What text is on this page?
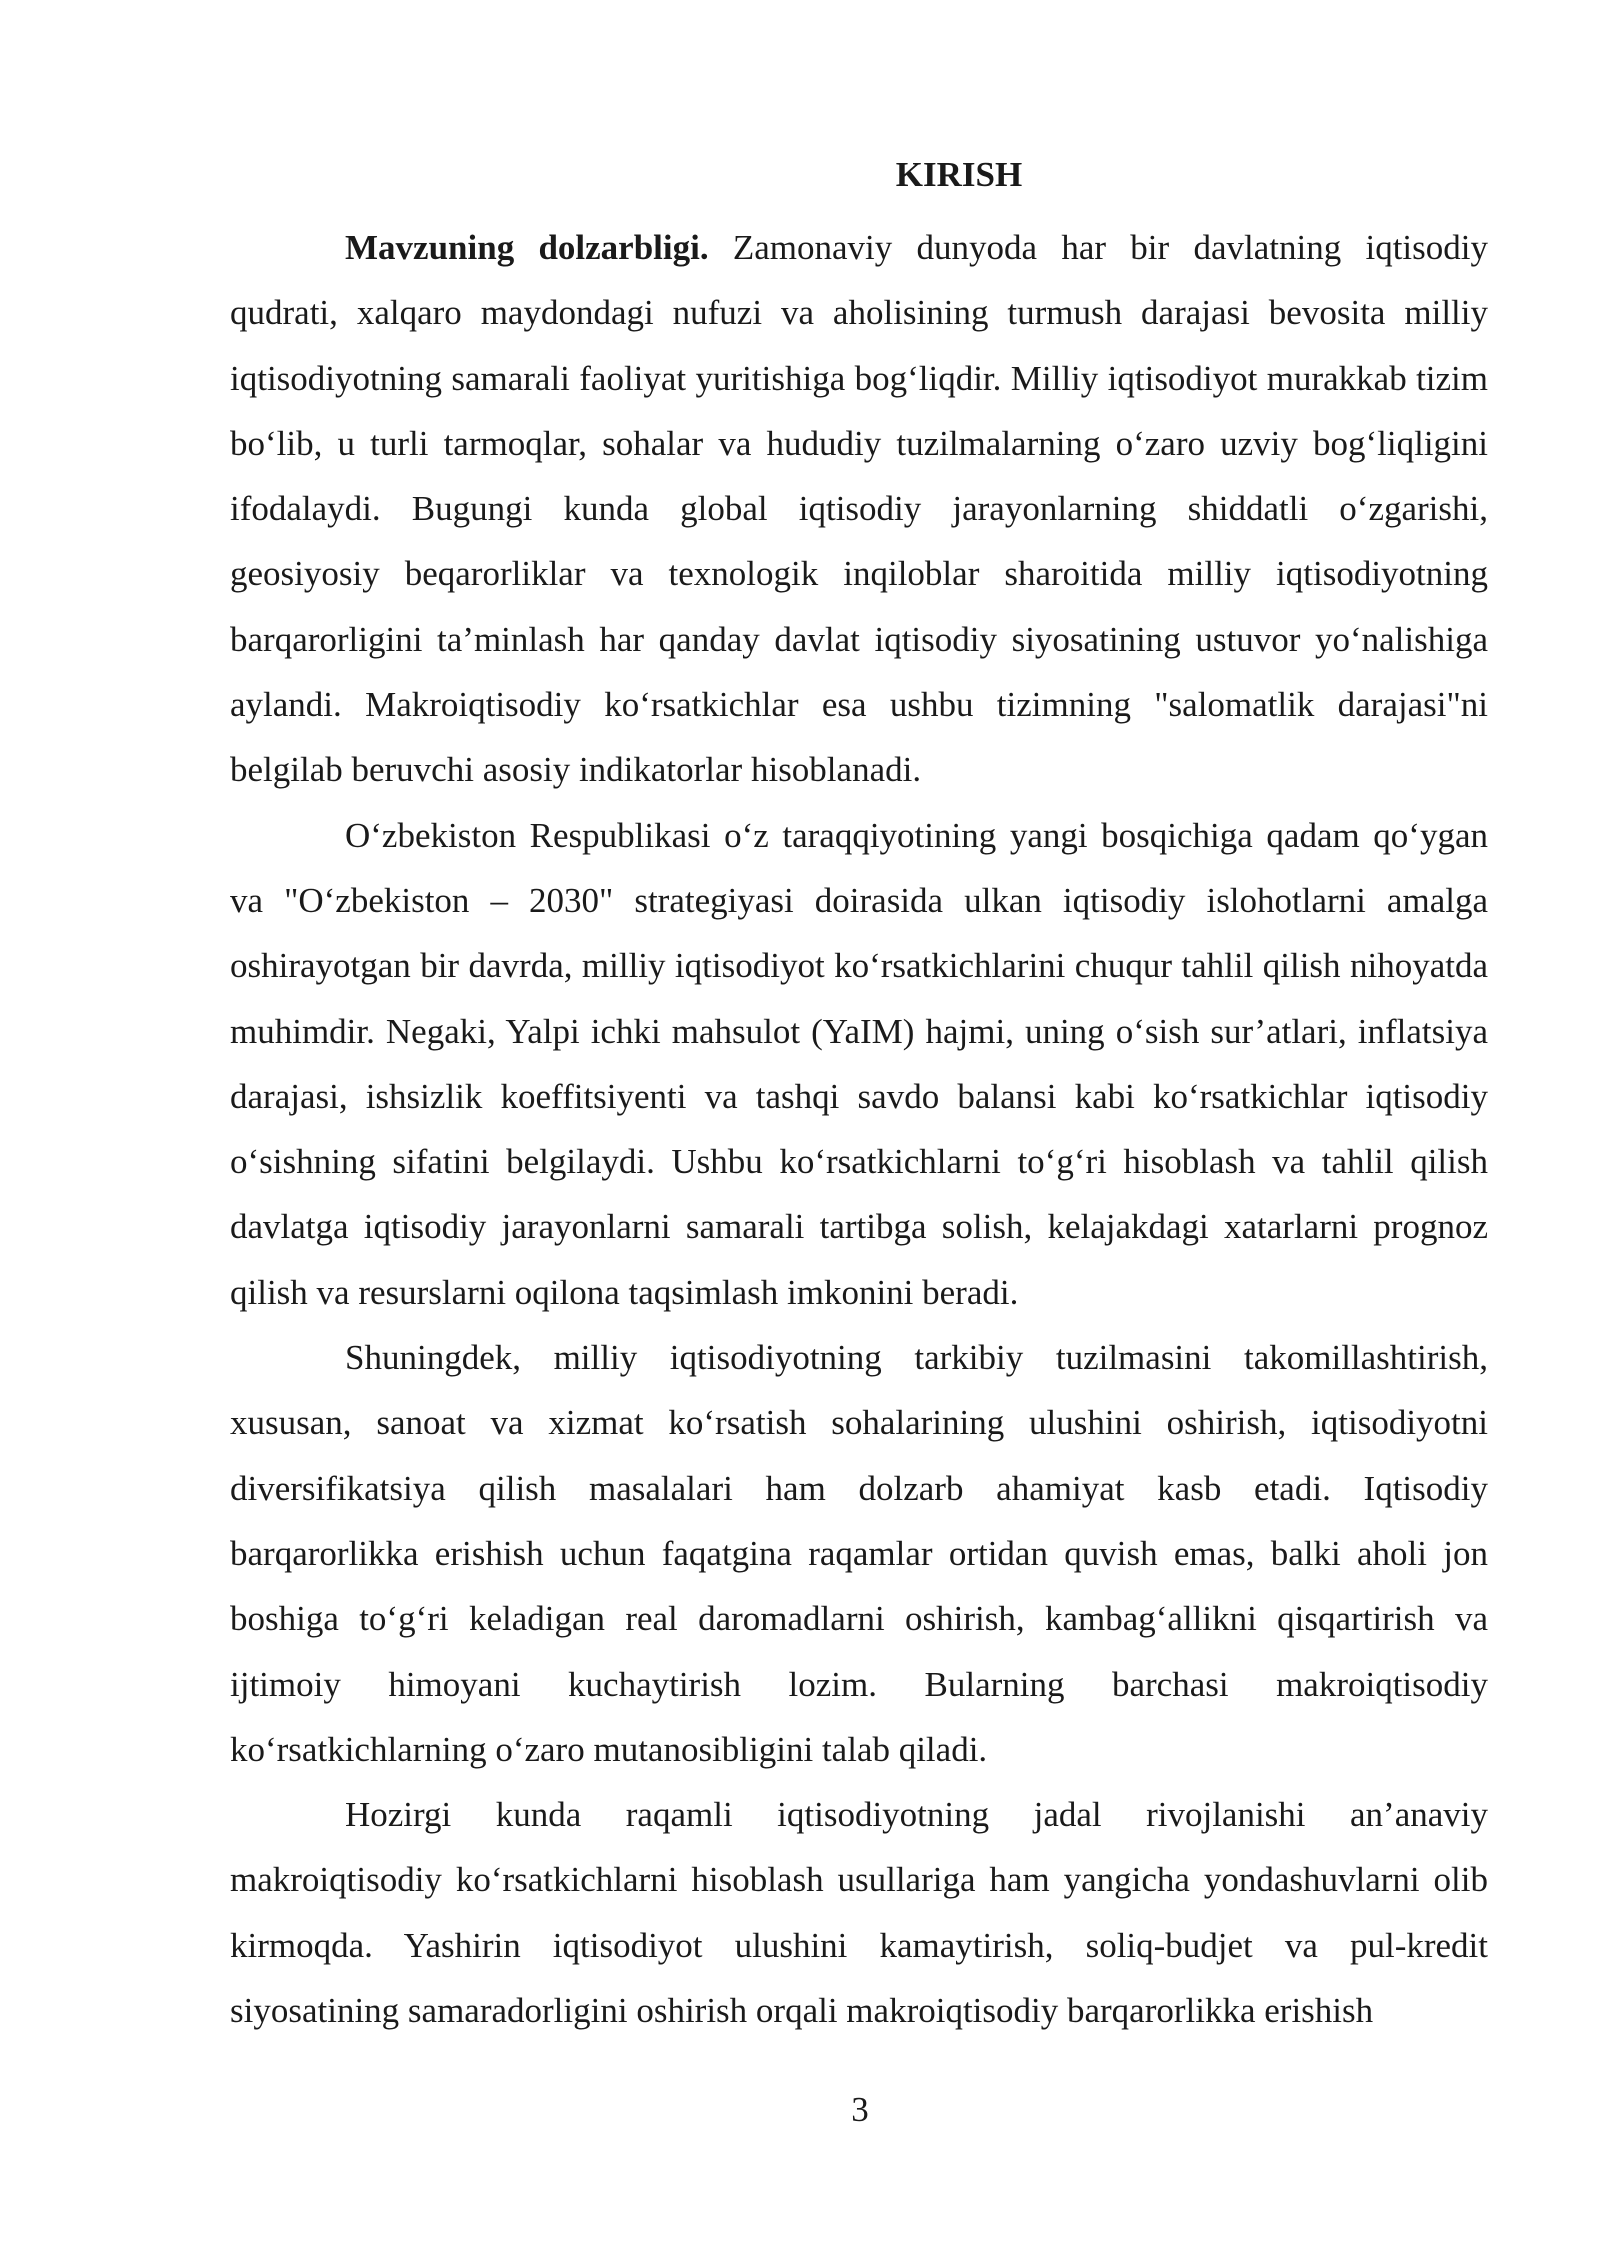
KIRISH

Mavzuning dolzarbligi. Zamonaviy dunyoda har bir davlatning iqtisodiy qudrati, xalqaro maydondagi nufuzi va aholisining turmush darajasi bevosita milliy iqtisodiyotning samarali faoliyat yuritishiga bog‘liqdir. Milliy iqtisodiyot murakkab tizim bo‘lib, u turli tarmoqlar, sohalar va hududiy tuzilmalarning o‘zaro uzviy bog‘liqligini ifodalaydi. Bugungi kunda global iqtisodiy jarayonlarning shiddatli o‘zgarishi, geosiyosiy beqarorliklar va texnologik inqiloblar sharoitida milliy iqtisodiyotning barqarorligini ta’minlash har qanday davlat iqtisodiy siyosatining ustuvor yo‘nalishiga aylandi. Makroiqtisodiy ko‘rsatkichlar esa ushbu tizimning "salomatlik darajasi"ni belgilab beruvchi asosiy indikatorlar hisoblanadi.

O‘zbekiston Respublikasi o‘z taraqqiyotining yangi bosqichiga qadam qo‘ygan va "O‘zbekiston – 2030" strategiyasi doirasida ulkan iqtisodiy islohotlarni amalga oshirayotgan bir davrda, milliy iqtisodiyot ko‘rsatkichlarini chuqur tahlil qilish nihoyatda muhimdir. Negaki, Yalpi ichki mahsulot (YaIM) hajmi, uning o‘sish sur’atlari, inflatsiya darajasi, ishsizlik koeffitsiyenti va tashqi savdo balansi kabi ko‘rsatkichlar iqtisodiy o‘sishning sifatini belgilaydi. Ushbu ko‘rsatkichlarni to‘g‘ri hisoblash va tahlil qilish davlatga iqtisodiy jarayonlarni samarali tartibga solish, kelajakdagi xatarlarni prognoz qilish va resurslarni oqilona taqsimlash imkonini beradi.

Shuningdek, milliy iqtisodiyotning tarkibiy tuzilmasini takomillashtirish, xususan, sanoat va xizmat ko‘rsatish sohalarining ulushini oshirish, iqtisodiyotni diversifikatsiya qilish masalalari ham dolzarb ahamiyat kasb etadi. Iqtisodiy barqarorlikka erishish uchun faqatgina raqamlar ortidan quvish emas, balki aholi jon boshiga to‘g‘ri keladigan real daromadlarni oshirish, kambag‘allikni qisqartirish va ijtimoiy himoyani kuchaytirish lozim. Bularning barchasi makroiqtisodiy ko‘rsatkichlarning o‘zaro mutanosibligini talab qiladi.

Hozirgi kunda raqamli iqtisodiyotning jadal rivojlanishi an’anaviy makroiqtisodiy ko‘rsatkichlarni hisoblash usullariga ham yangicha yondashuvlarni olib kirmoqda. Yashirin iqtisodiyot ulushini kamaytirish, soliq-budjet va pul-kredit siyosatining samaradorligini oshirish orqali makroiqtisodiy barqarorlikka erishish

3
